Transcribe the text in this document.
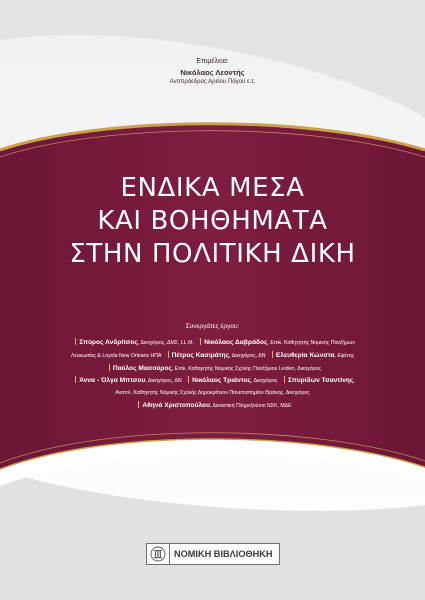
Επιμέλεια:
Νικόλαος Λεοντής
Αντιπρόεδρος Αρείου Πάγου ε.τ.
ΕΝΔΙΚΑ ΜΕΣΑ
ΚΑΙ ΒΟΗΘΗΜΑΤΑ
ΣΤΗΝ ΠΟΛΙΤΙΚΗ ΔΙΚΗ
Συνεργάτες έργου:
Σπύρος Ανδρίτσος, Δικηγόρος, ΔΜΣ, LL.M. Νικόλαος Δαβράδος, Επίκ. Καθηγητής Νομικής Πανζήμων
Λευκωσίας & Loyola New Orleans ΗΠΑ Πέτρος Κασιμάτης, Δικηγόρος, ΔΝ Ελευθερία Κώνστα, Εφέτης
Παύλος Μασούρος, Επίκ. Καθηγητής Νομικής Σχολής Πανζήμιου Leiden, Δικηγόρος
Άννα - Όλγα Μπτσου, Δικηγόρος, ΔΝ Νικόλαος Τριάντος, Δικηγόρος Σπυρίδων Τσαντίνης,
Αναπλ. Καθηγητής Νομικής Σχολής Δημοκρίτειου Πανεπιστημίου Θράκης, Δικηγόρος
Αθηνά Χριστοπούλου, Δικαστική Πληρεξούσιο ΝΣΚ, ΜΔΕ
ΝΟΜΙΚΗ ΒΙΒΛΙΟΘΗΚΗ
